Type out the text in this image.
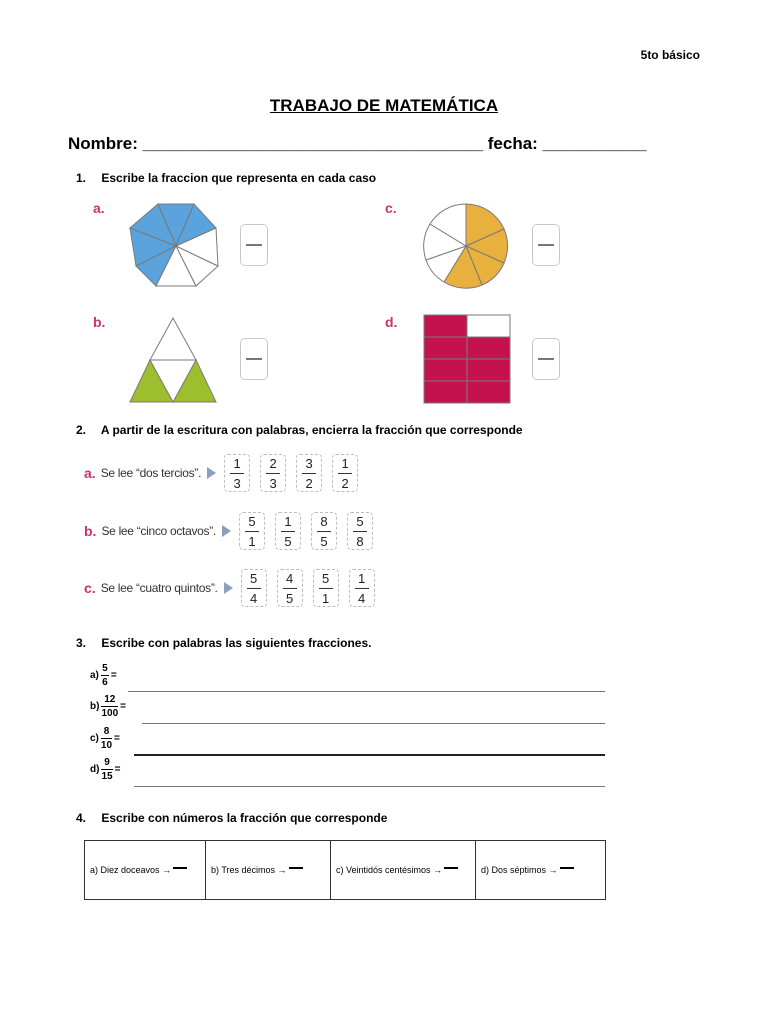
5to básico
TRABAJO DE MATEMÁTICA
Nombre: ____________________________________ fecha: ___________
1. Escribe la fraccion que representa en cada caso
a.	c.
b.	d.
2. A partir de la escritura con palabras, encierra la fracción que corresponde
a. Se lee “dos tercios”. $\frac{1}{3} \frac{2}{3} \frac{3}{2} \frac{1}{2}$
b. Se lee “cinco octavos”. $\frac{5}{1} \frac{1}{5} \frac{8}{5} \frac{5}{8}$
c. Se lee “cuatro quintos”. $\frac{5}{4} \frac{4}{5} \frac{5}{1} \frac{1}{4}$
3. Escribe con palabras las siguientes fracciones.
a)
5
6
=
b)
12
100
=
c)
8
10
=
d)
9
15
=
4. Escribe con números la fracción que corresponde
a) Diez doceavos →	b) Tres décimos →	c) Veintidós centésimos →	d) Dos séptimos →
